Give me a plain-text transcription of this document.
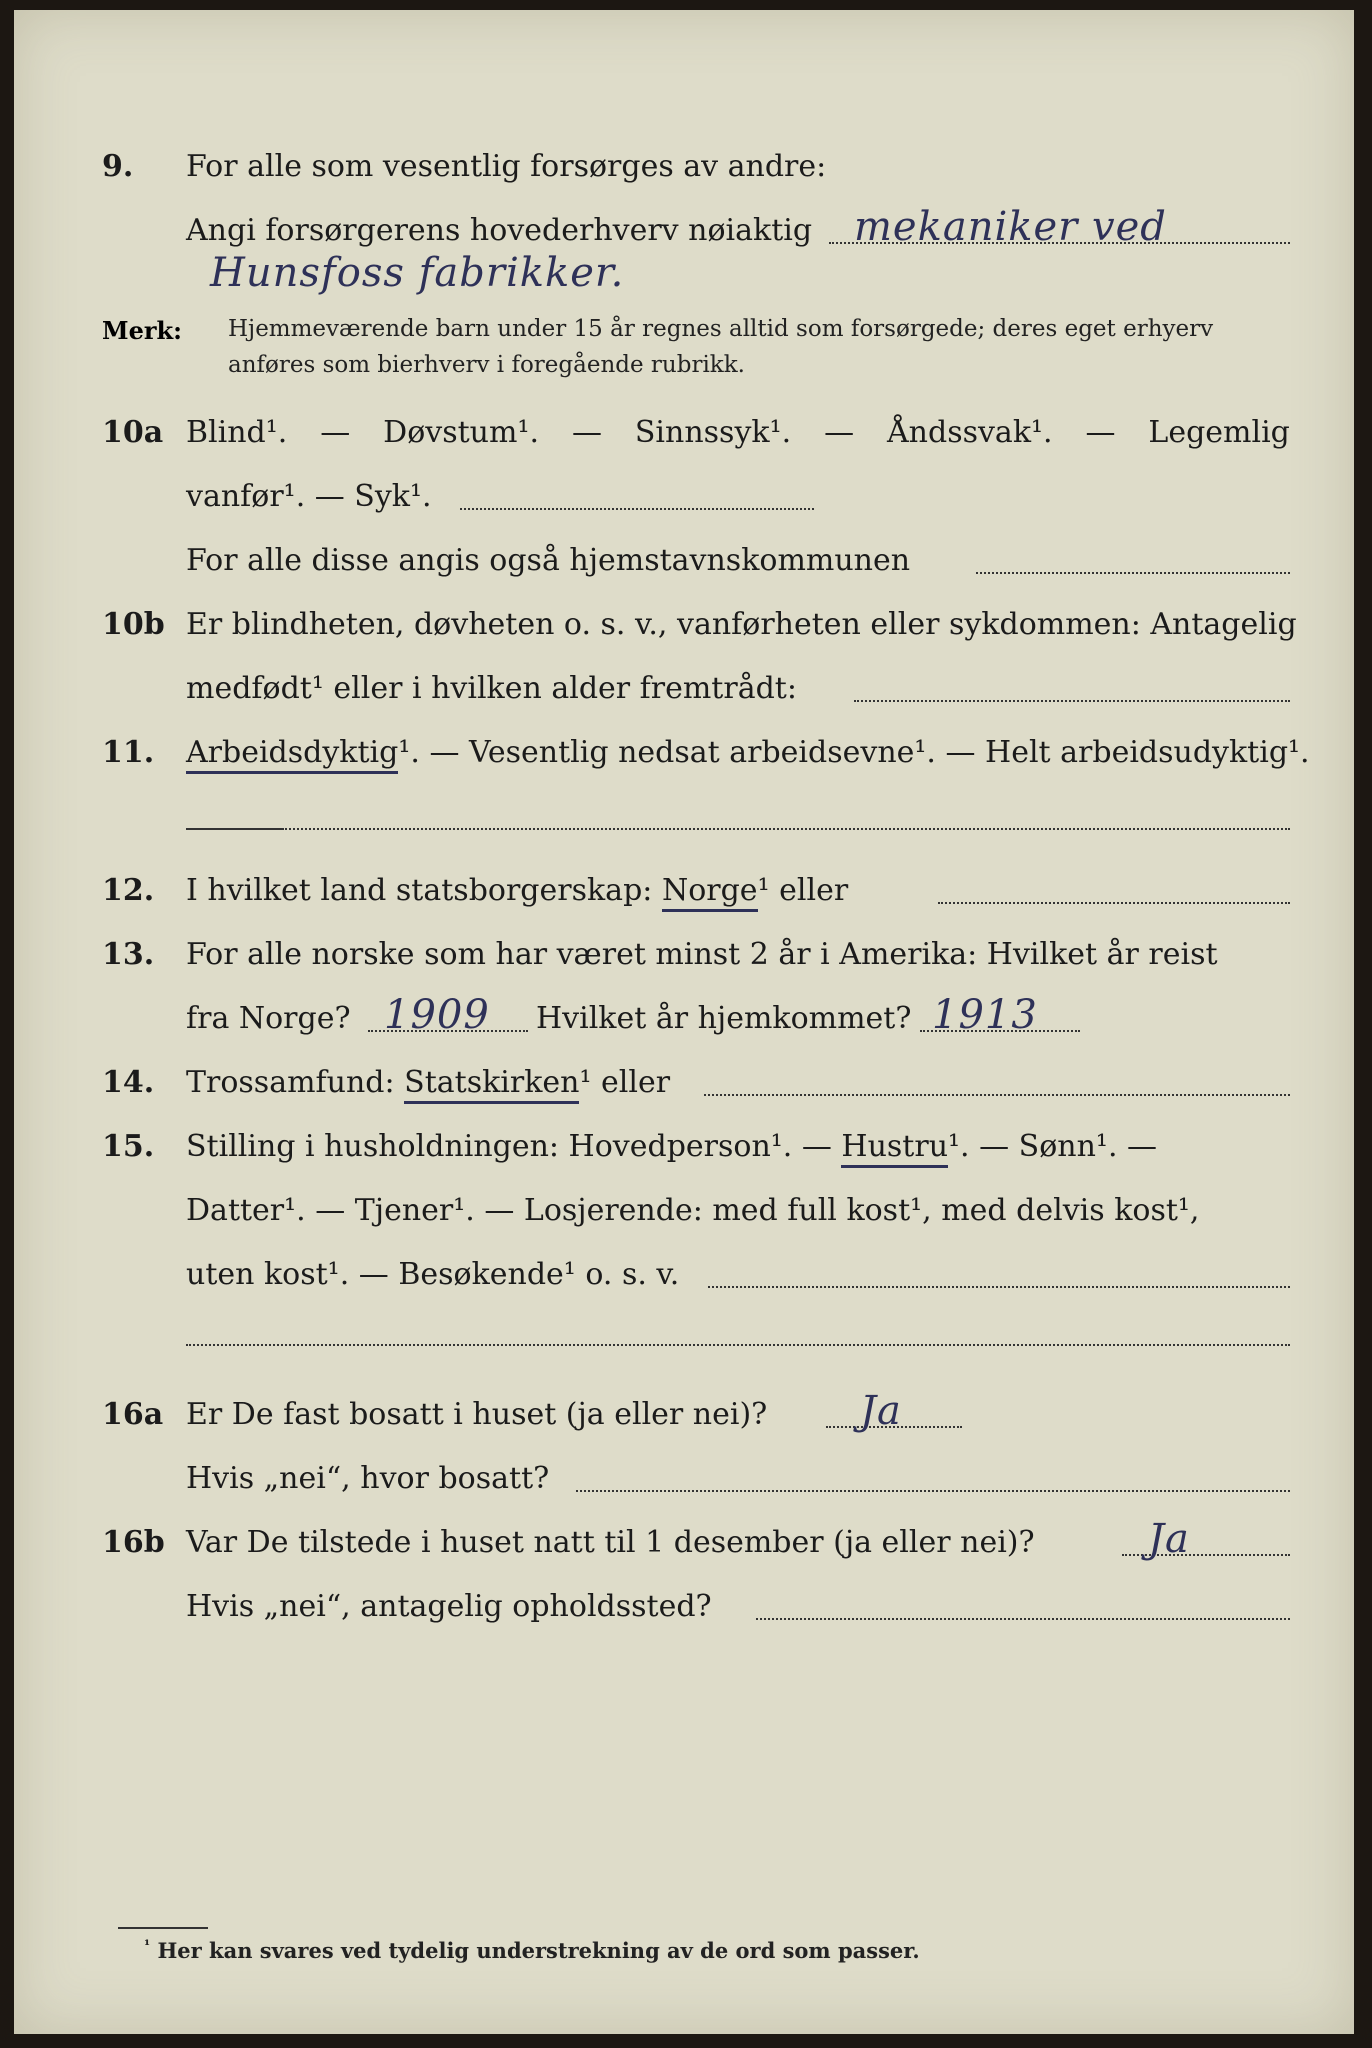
9. For alle som vesentlig forsørges av andre:
Angi forsørgerens hovederhverv nøiaktig mekaniker ved
Hunsfoss fabrikker.
Merk: Hjemmeværende barn under 15 år regnes alltid som forsørgede; deres eget erhyerv
anføres som bierhverv i foregående rubrikk.
10a Blind¹. — Døvstum¹. — Sinnssyk¹. — Åndssvak¹. — Legemlig
vanfør¹. — Syk¹.
For alle disse angis også hjemstavnskommunen
10b Er blindheten, døvheten o. s. v., vanførheten eller sykdommen: Antagelig
medfødt¹ eller i hvilken alder fremtrådt:
11. Arbeidsdyktig¹. — Vesentlig nedsat arbeidsevne¹. — Helt arbeidsudyktig¹.
12. I hvilket land statsborgerskap: Norge¹ eller
13. For alle norske som har været minst 2 år i Amerika: Hvilket år reist
fra Norge? 1909 Hvilket år hjemkommet? 1913
14. Trossamfund: Statskirken¹ eller
15. Stilling i husholdningen: Hovedperson¹. — Hustru¹. — Sønn¹. —
Datter¹. — Tjener¹. — Losjerende: med full kost¹, med delvis kost¹,
uten kost¹. — Besøkende¹ o. s. v.
16a Er De fast bosatt i huset (ja eller nei)? Ja
Hvis „nei“, hvor bosatt?
16b Var De tilstede i huset natt til 1 desember (ja eller nei)?	Ja
Hvis „nei“, antagelig opholdssted?
$^{^1}$ Her kan svares ved tydelig understrekning av de ord som passer.
